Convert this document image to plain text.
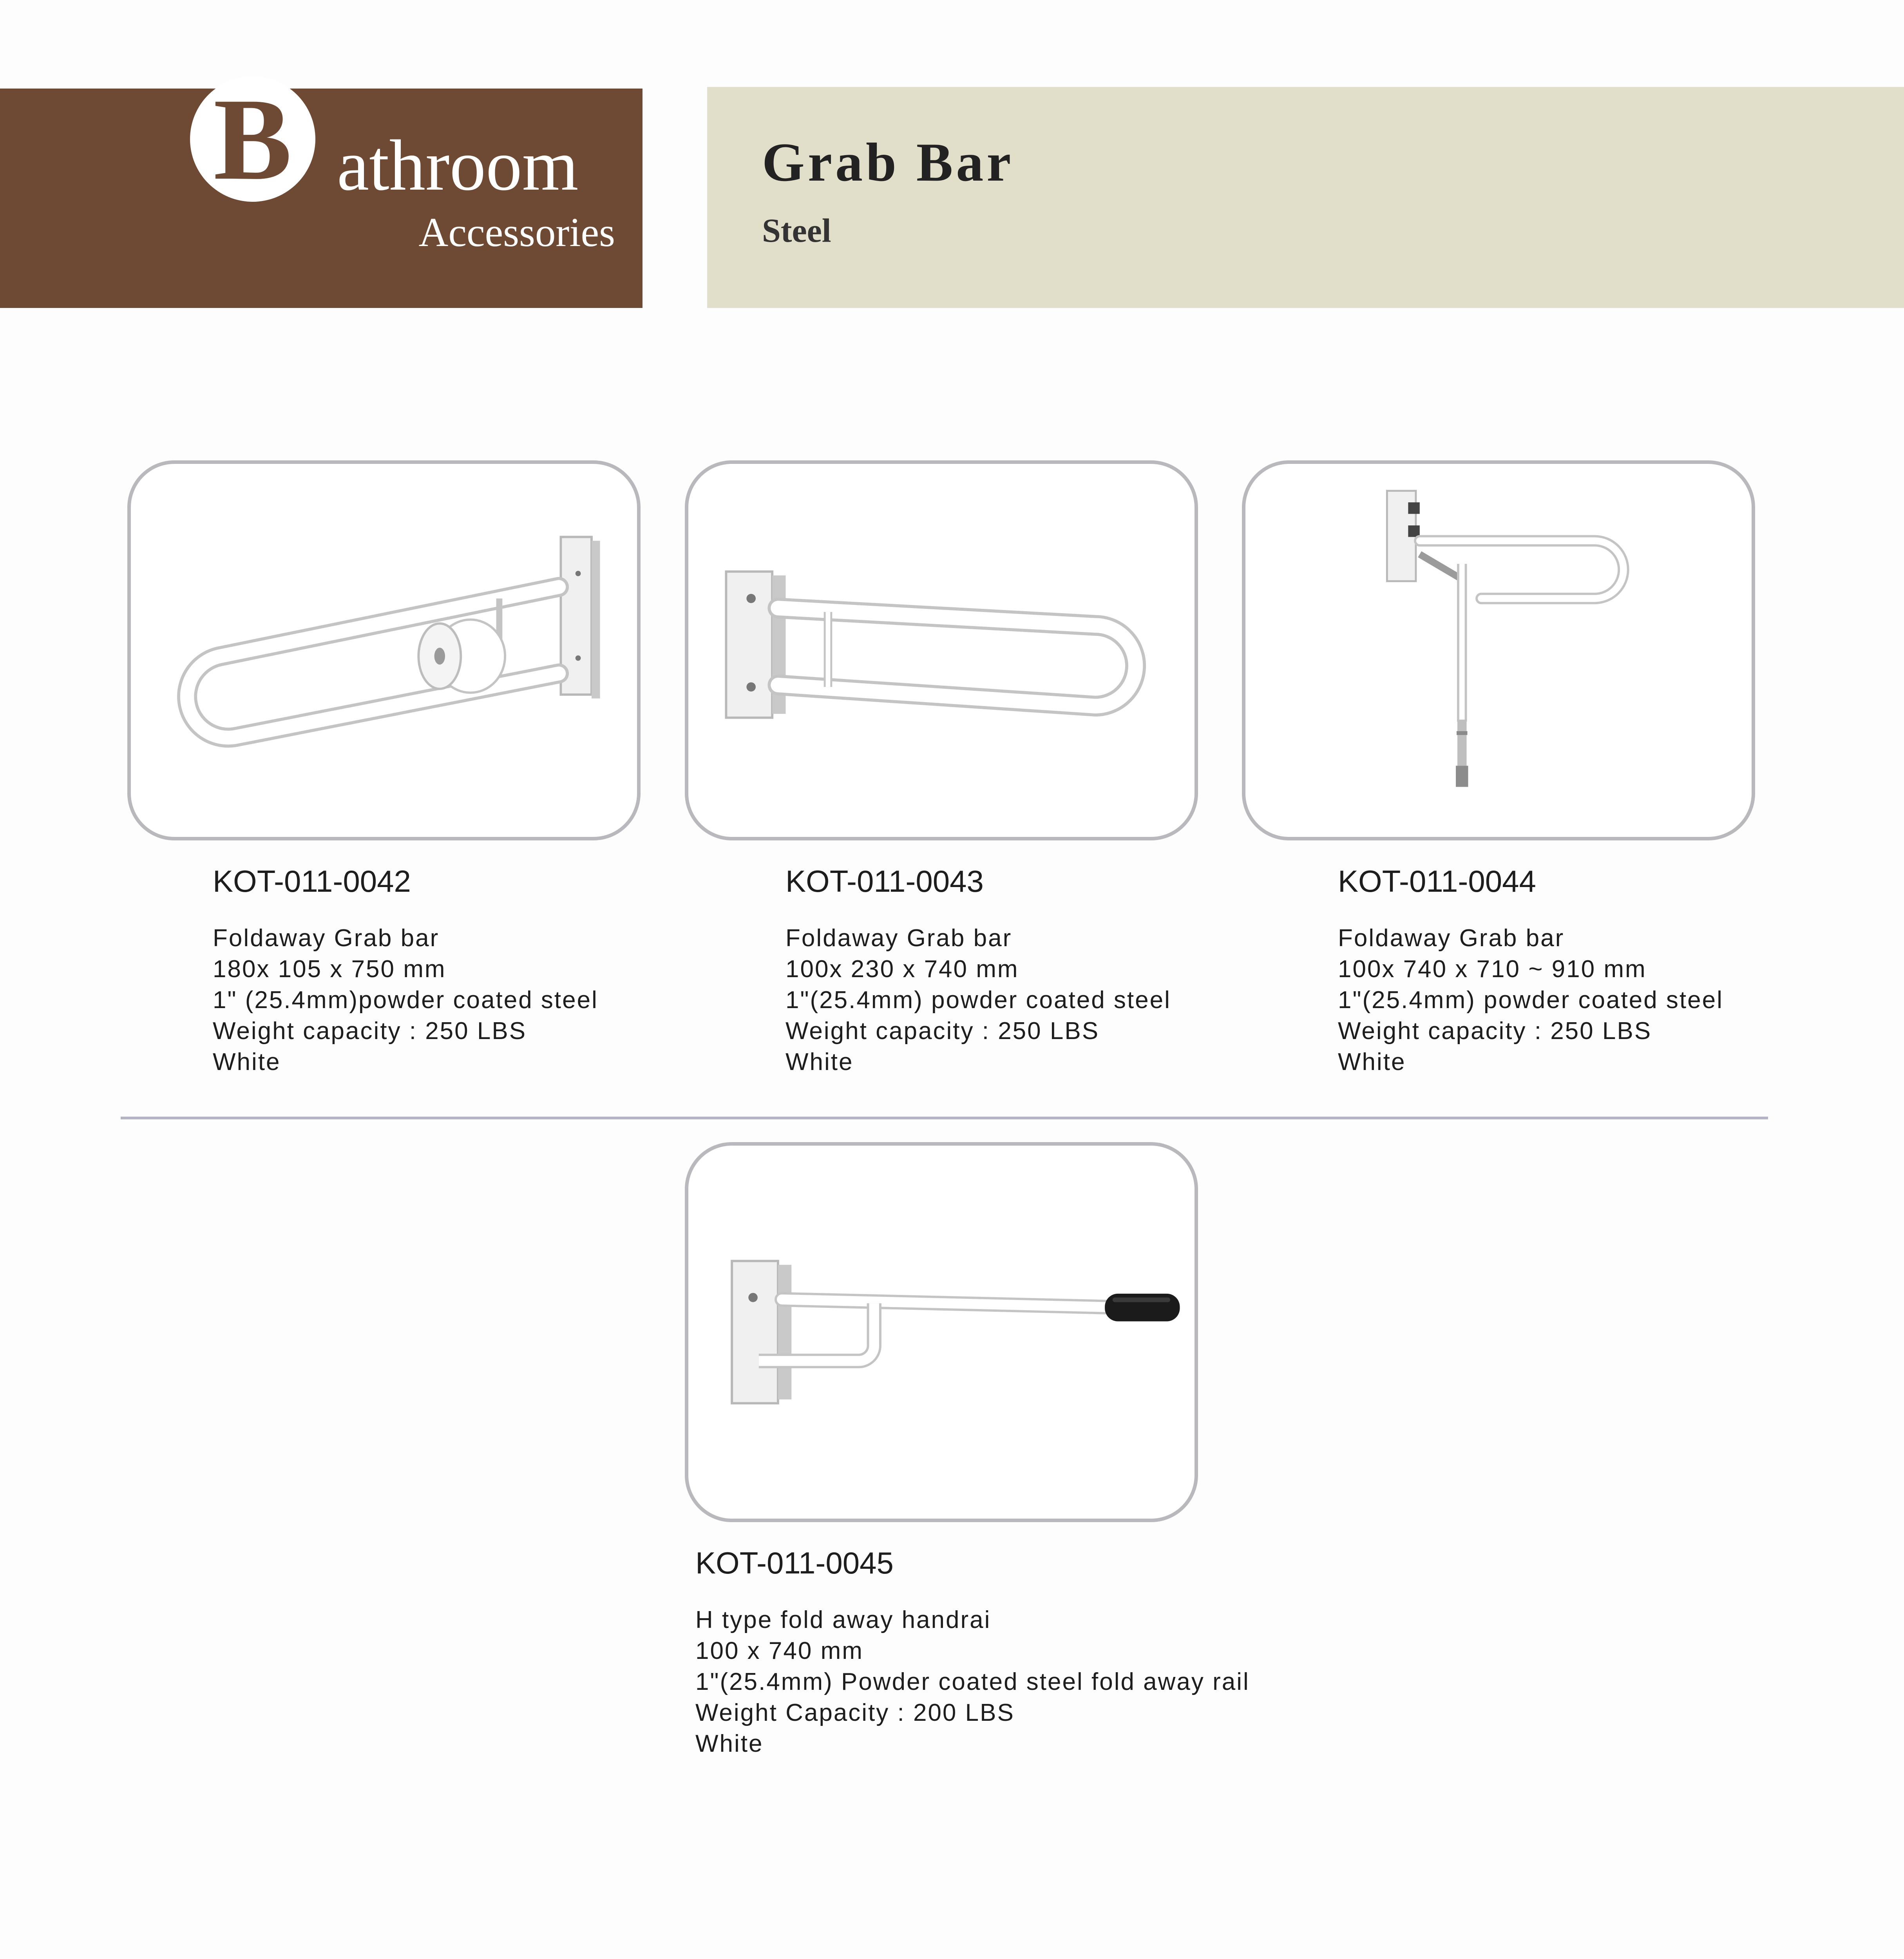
B athroom
Accessories
Grab Bar
Steel
KOT-011-0042
Foldaway Grab bar
180x 105 x 750 mm
1" (25.4mm)powder coated steel
Weight capacity : 250 LBS
White
KOT-011-0043
Foldaway Grab bar
100x 230 x 740 mm
1"(25.4mm) powder coated steel
Weight capacity : 250 LBS
White
KOT-011-0044
Foldaway Grab bar
100x 740 x 710 ~ 910 mm
1"(25.4mm) powder coated steel
Weight capacity : 250 LBS
White
KOT-011-0045
H type fold away handrai
100 x 740 mm
1"(25.4mm) Powder coated steel fold away rail
Weight Capacity : 200 LBS
White
